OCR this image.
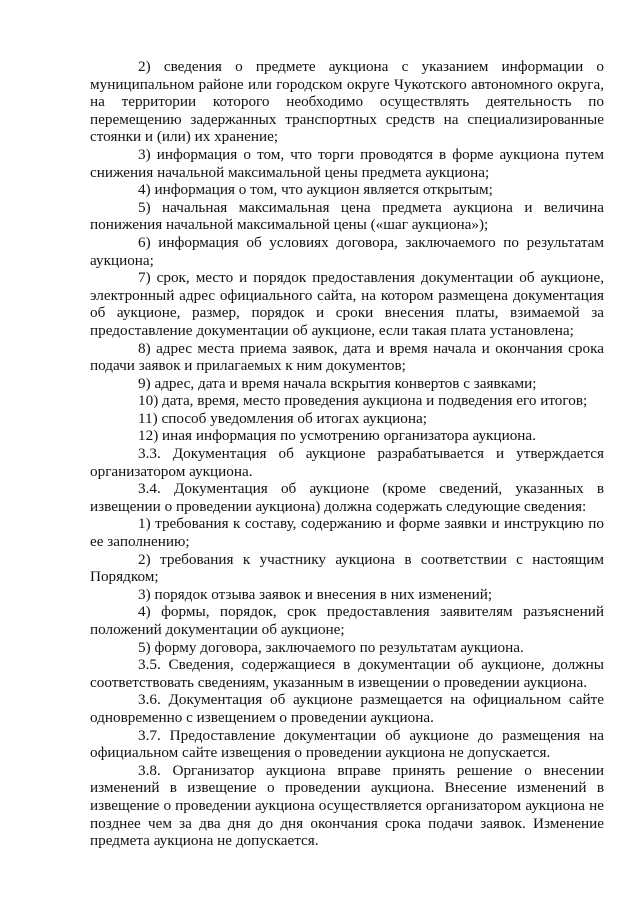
2) сведения о предмете аукциона с указанием информации о муниципальном районе или городском округе Чукотского автономного округа, на территории которого необходимо осуществлять деятельность по перемещению задержанных транспортных средств на специализированные стоянки и (или) их хранение;

3) информация о том, что торги проводятся в форме аукциона путем снижения начальной максимальной цены предмета аукциона;

4) информация о том, что аукцион является открытым;

5) начальная максимальная цена предмета аукциона и величина понижения начальной максимальной цены («шаг аукциона»);

6) информация об условиях договора, заключаемого по результатам аукциона;

7) срок, место и порядок предоставления документации об аукционе, электронный адрес официального сайта, на котором размещена документация об аукционе, размер, порядок и сроки внесения платы, взимаемой за предоставление документации об аукционе, если такая плата установлена;

8) адрес места приема заявок, дата и время начала и окончания срока подачи заявок и прилагаемых к ним документов;

9) адрес, дата и время начала вскрытия конвертов с заявками;

10) дата, время, место проведения аукциона и подведения его итогов;

11) способ уведомления об итогах аукциона;

12) иная информация по усмотрению организатора аукциона.

3.3. Документация об аукционе разрабатывается и утверждается организатором аукциона.

3.4. Документация об аукционе (кроме сведений, указанных в извещении о проведении аукциона) должна содержать следующие сведения:

1) требования к составу, содержанию и форме заявки и инструкцию по ее заполнению;

2) требования к участнику аукциона в соответствии с настоящим Порядком;

3) порядок отзыва заявок и внесения в них изменений;

4) формы, порядок, срок предоставления заявителям разъяснений положений документации об аукционе;

5) форму договора, заключаемого по результатам аукциона.

3.5. Сведения, содержащиеся в документации об аукционе, должны соответствовать сведениям, указанным в извещении о проведении аукциона.

3.6. Документация об аукционе размещается на официальном сайте одновременно с извещением о проведении аукциона.

3.7. Предоставление документации об аукционе до размещения на официальном сайте извещения о проведении аукциона не допускается.

3.8. Организатор аукциона вправе принять решение о внесении изменений в извещение о проведении аукциона. Внесение изменений в извещение о проведении аукциона осуществляется организатором аукциона не позднее чем за два дня до дня окончания срока подачи заявок. Изменение предмета аукциона не допускается.
